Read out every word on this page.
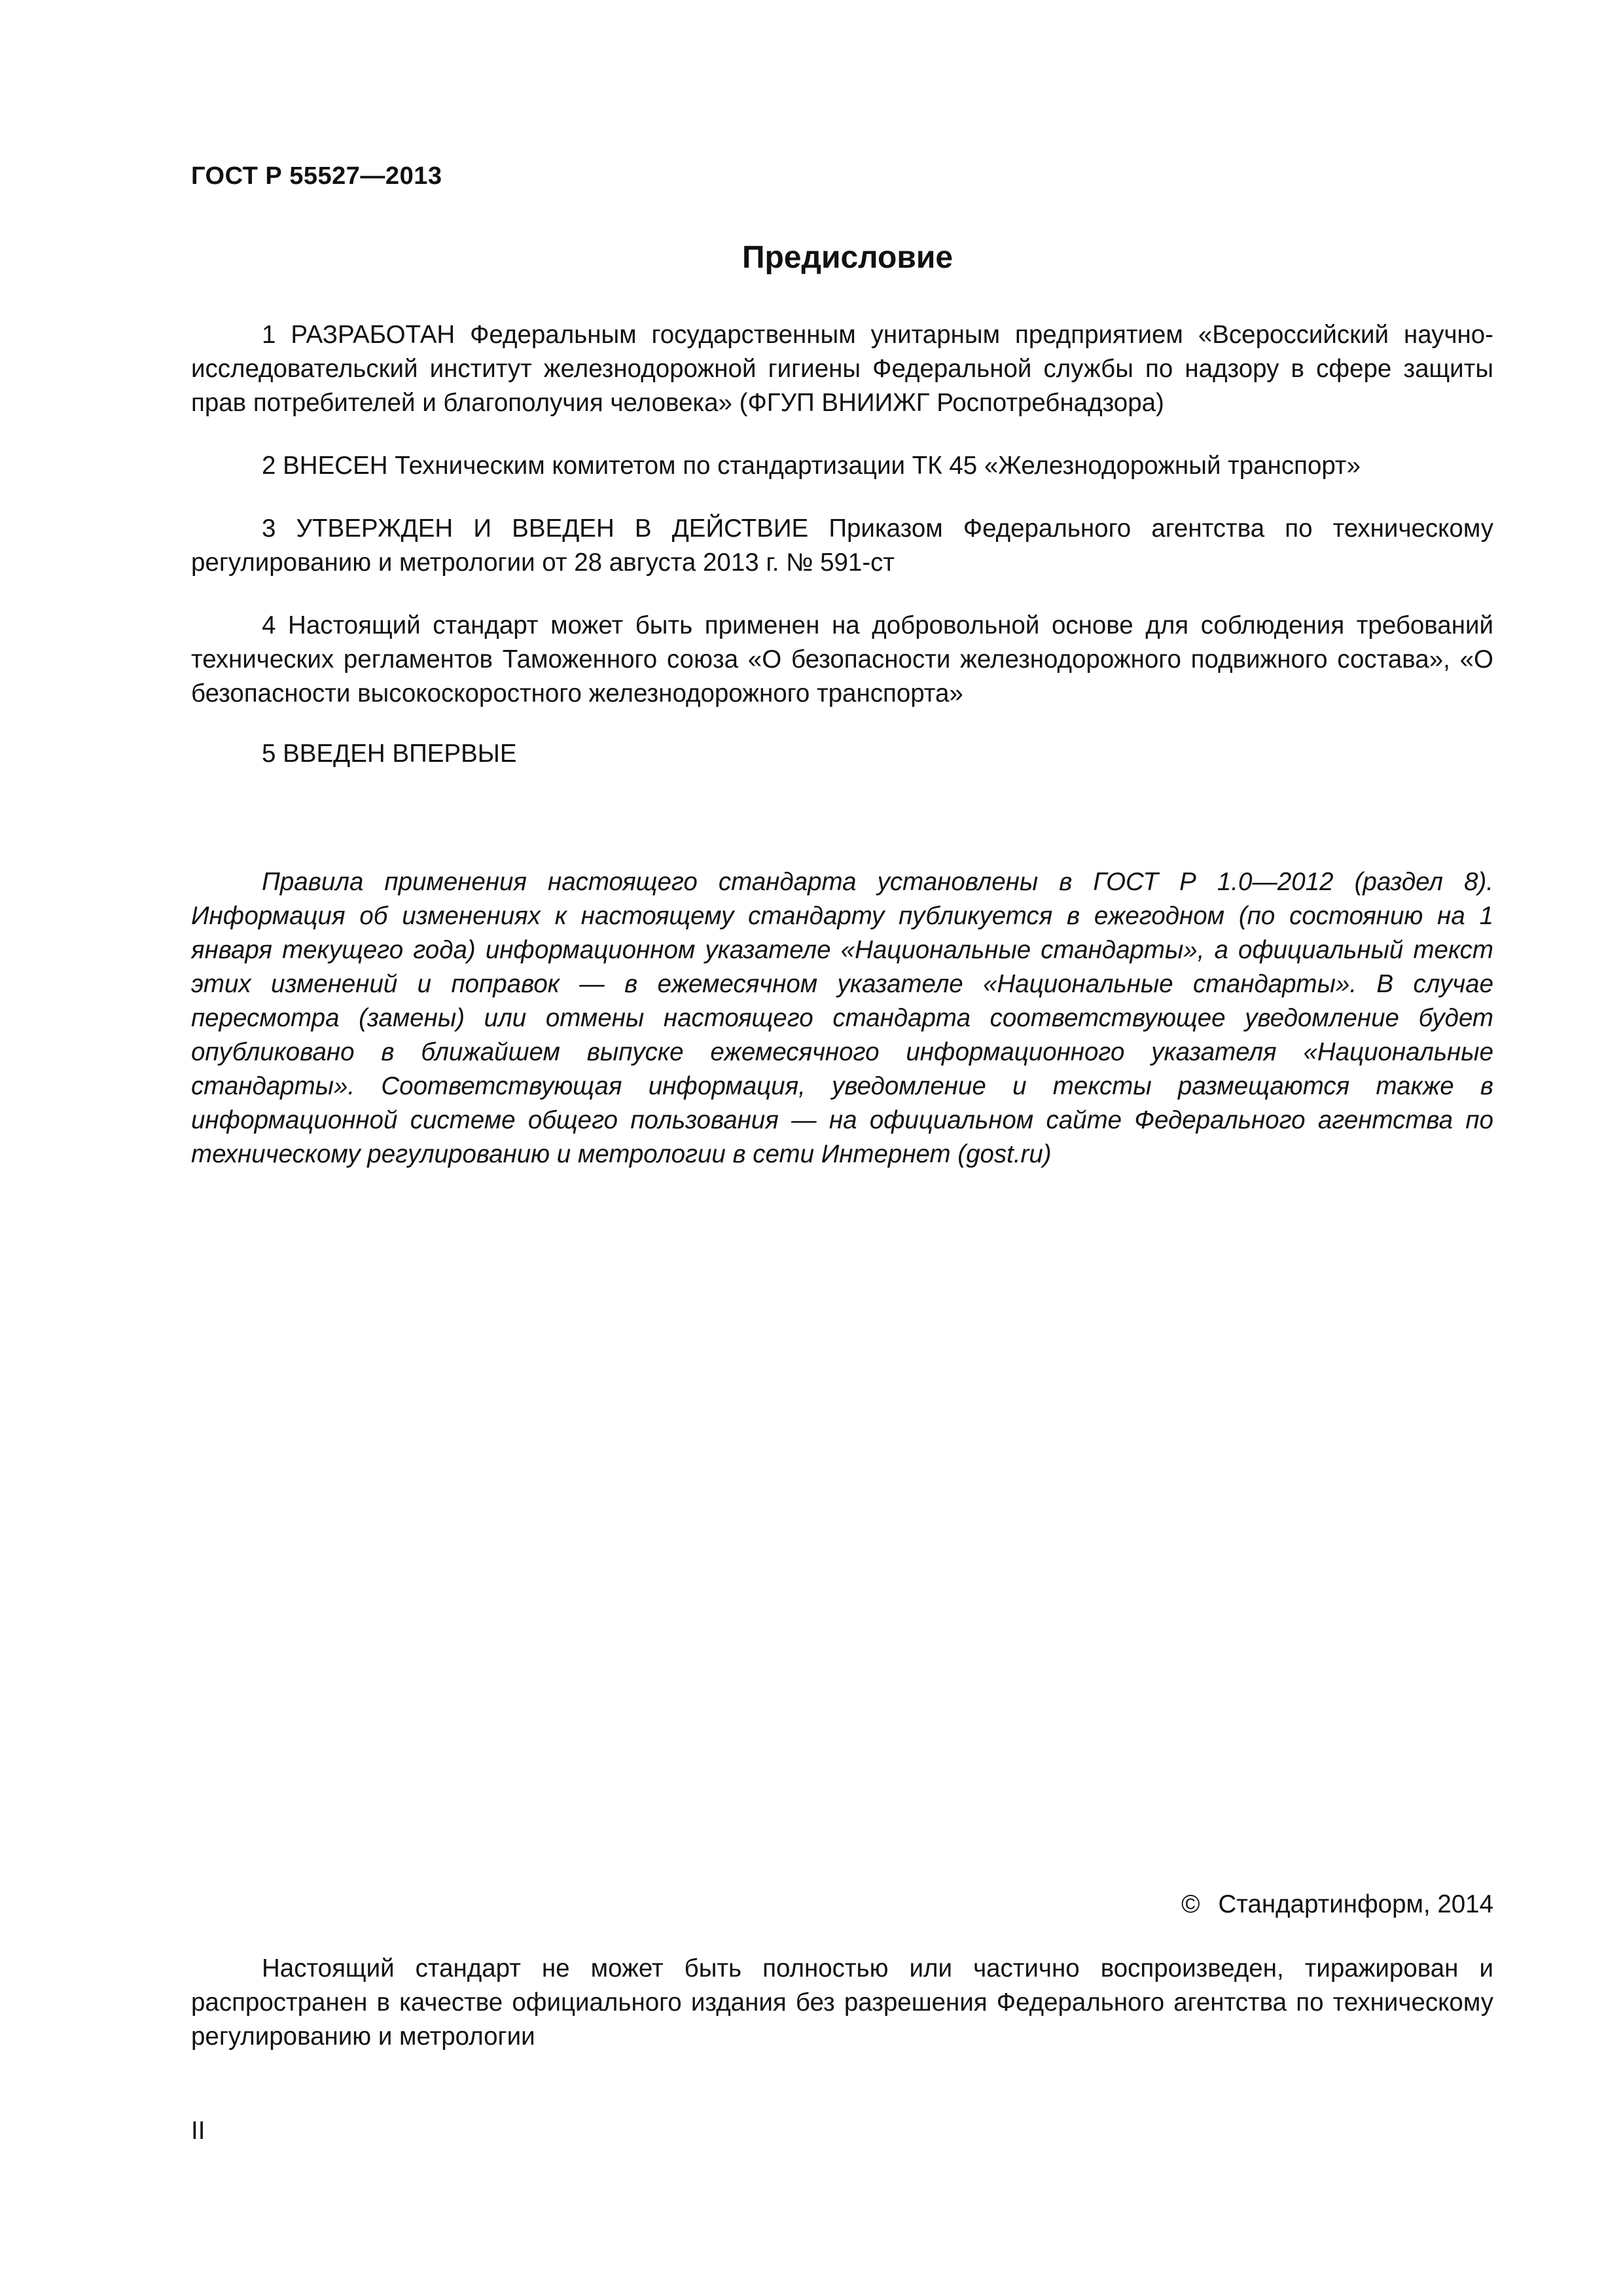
ГОСТ Р 55527—2013
Предисловие

1 РАЗРАБОТАН Федеральным государственным унитарным предприятием «Всероссийский научно-исследовательский институт железнодорожной гигиены Федеральной службы по надзору в сфере защиты прав потребителей и благополучия человека» (ФГУП ВНИИЖГ Роспотребнадзора)

2 ВНЕСЕН Техническим комитетом по стандартизации ТК 45 «Железнодорожный транспорт»

3 УТВЕРЖДЕН И ВВЕДЕН В ДЕЙСТВИЕ Приказом Федерального агентства по техническому регулированию и метрологии от 28 августа 2013 г. № 591-ст

4 Настоящий стандарт может быть применен на добровольной основе для соблюдения требований технических регламентов Таможенного союза «О безопасности железнодорожного подвижного состава», «О безопасности высокоскоростного железнодорожного транспорта»

5 ВВЕДЕН ВПЕРВЫЕ

Правила применения настоящего стандарта установлены в ГОСТ Р 1.0—2012 (раздел 8). Информация об изменениях к настоящему стандарту публикуется в ежегодном (по состоянию на 1 января текущего года) информационном указателе «Национальные стандарты», а официальный текст этих изменений и поправок — в ежемесячном указателе «Национальные стандарты». В случае пересмотра (замены) или отмены настоящего стандарта соответствующее уведомление будет опубликовано в ближайшем выпуске ежемесячного информационного указателя «Национальные стандарты». Соответствующая информация, уведомление и тексты размещаются также в информационной системе общего пользования — на официальном сайте Федерального агентства по техническому регулированию и метрологии в сети Интернет (gost.ru)

© Стандартинформ, 2014

Настоящий стандарт не может быть полностью или частично воспроизведен, тиражирован и распространен в качестве официального издания без разрешения Федерального агентства по техническому регулированию и метрологии

II
